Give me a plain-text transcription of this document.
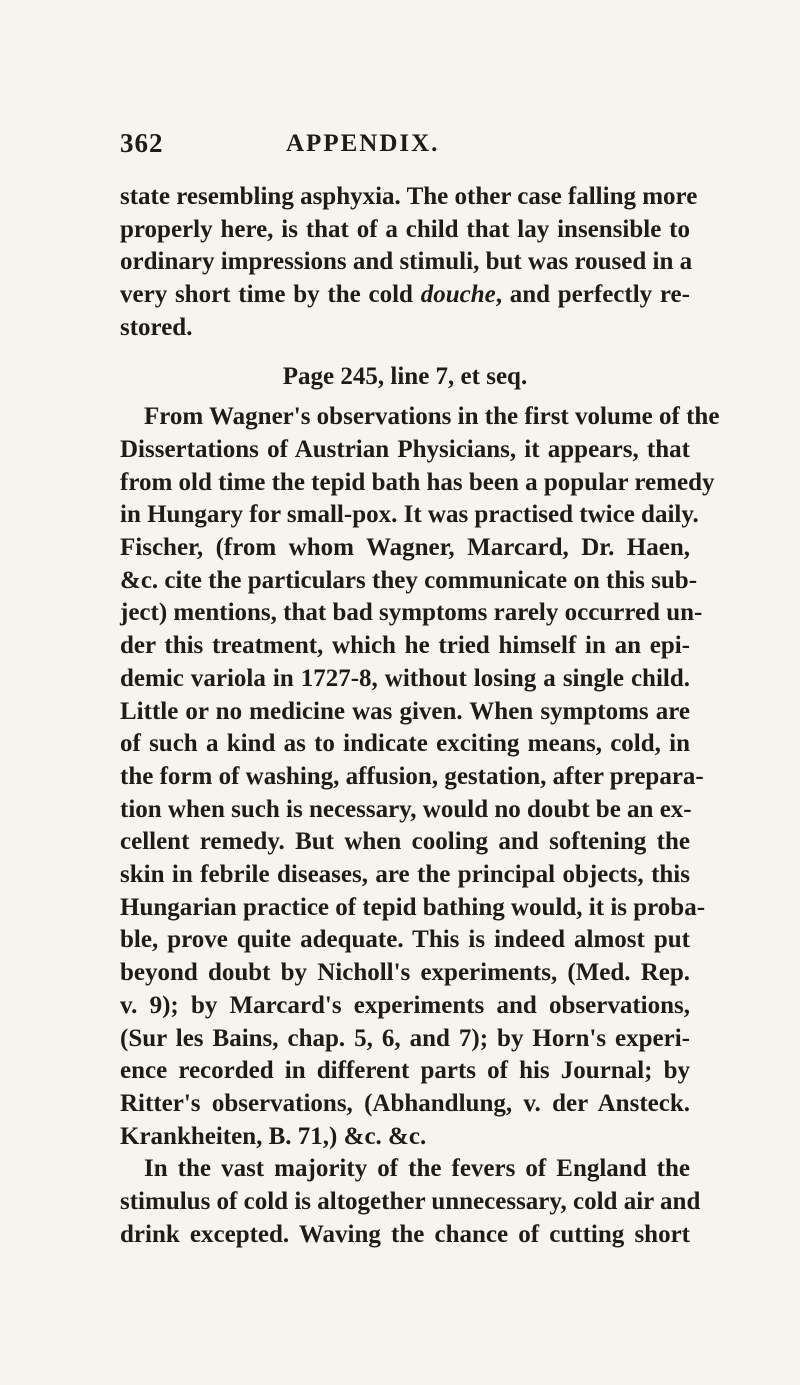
362	APPENDIX.
state resembling asphyxia. The other case falling more
properly here, is that of a child that lay insensible to
ordinary impressions and stimuli, but was roused in a
very short time by the cold douche, and perfectly re-
stored.
Page 245, line 7, et seq.
From Wagner's observations in the first volume of the
Dissertations of Austrian Physicians, it appears, that
from old time the tepid bath has been a popular remedy
in Hungary for small-pox. It was practised twice daily.
Fischer, (from whom Wagner, Marcard, Dr. Haen,
&c. cite the particulars they communicate on this sub-
ject) mentions, that bad symptoms rarely occurred un-
der this treatment, which he tried himself in an epi-
demic variola in 1727-8, without losing a single child.
Little or no medicine was given. When symptoms are
of such a kind as to indicate exciting means, cold, in
the form of washing, affusion, gestation, after prepara-
tion when such is necessary, would no doubt be an ex-
cellent remedy. But when cooling and softening the
skin in febrile diseases, are the principal objects, this
Hungarian practice of tepid bathing would, it is proba-
ble, prove quite adequate. This is indeed almost put
beyond doubt by Nicholl's experiments, (Med. Rep.
v. 9); by Marcard's experiments and observations,
(Sur les Bains, chap. 5, 6, and 7); by Horn's experi-
ence recorded in different parts of his Journal; by
Ritter's observations, (Abhandlung, v. der Ansteck.
Krankheiten, B. 71,) &c. &c.
In the vast majority of the fevers of England the
stimulus of cold is altogether unnecessary, cold air and
drink excepted. Waving the chance of cutting short
